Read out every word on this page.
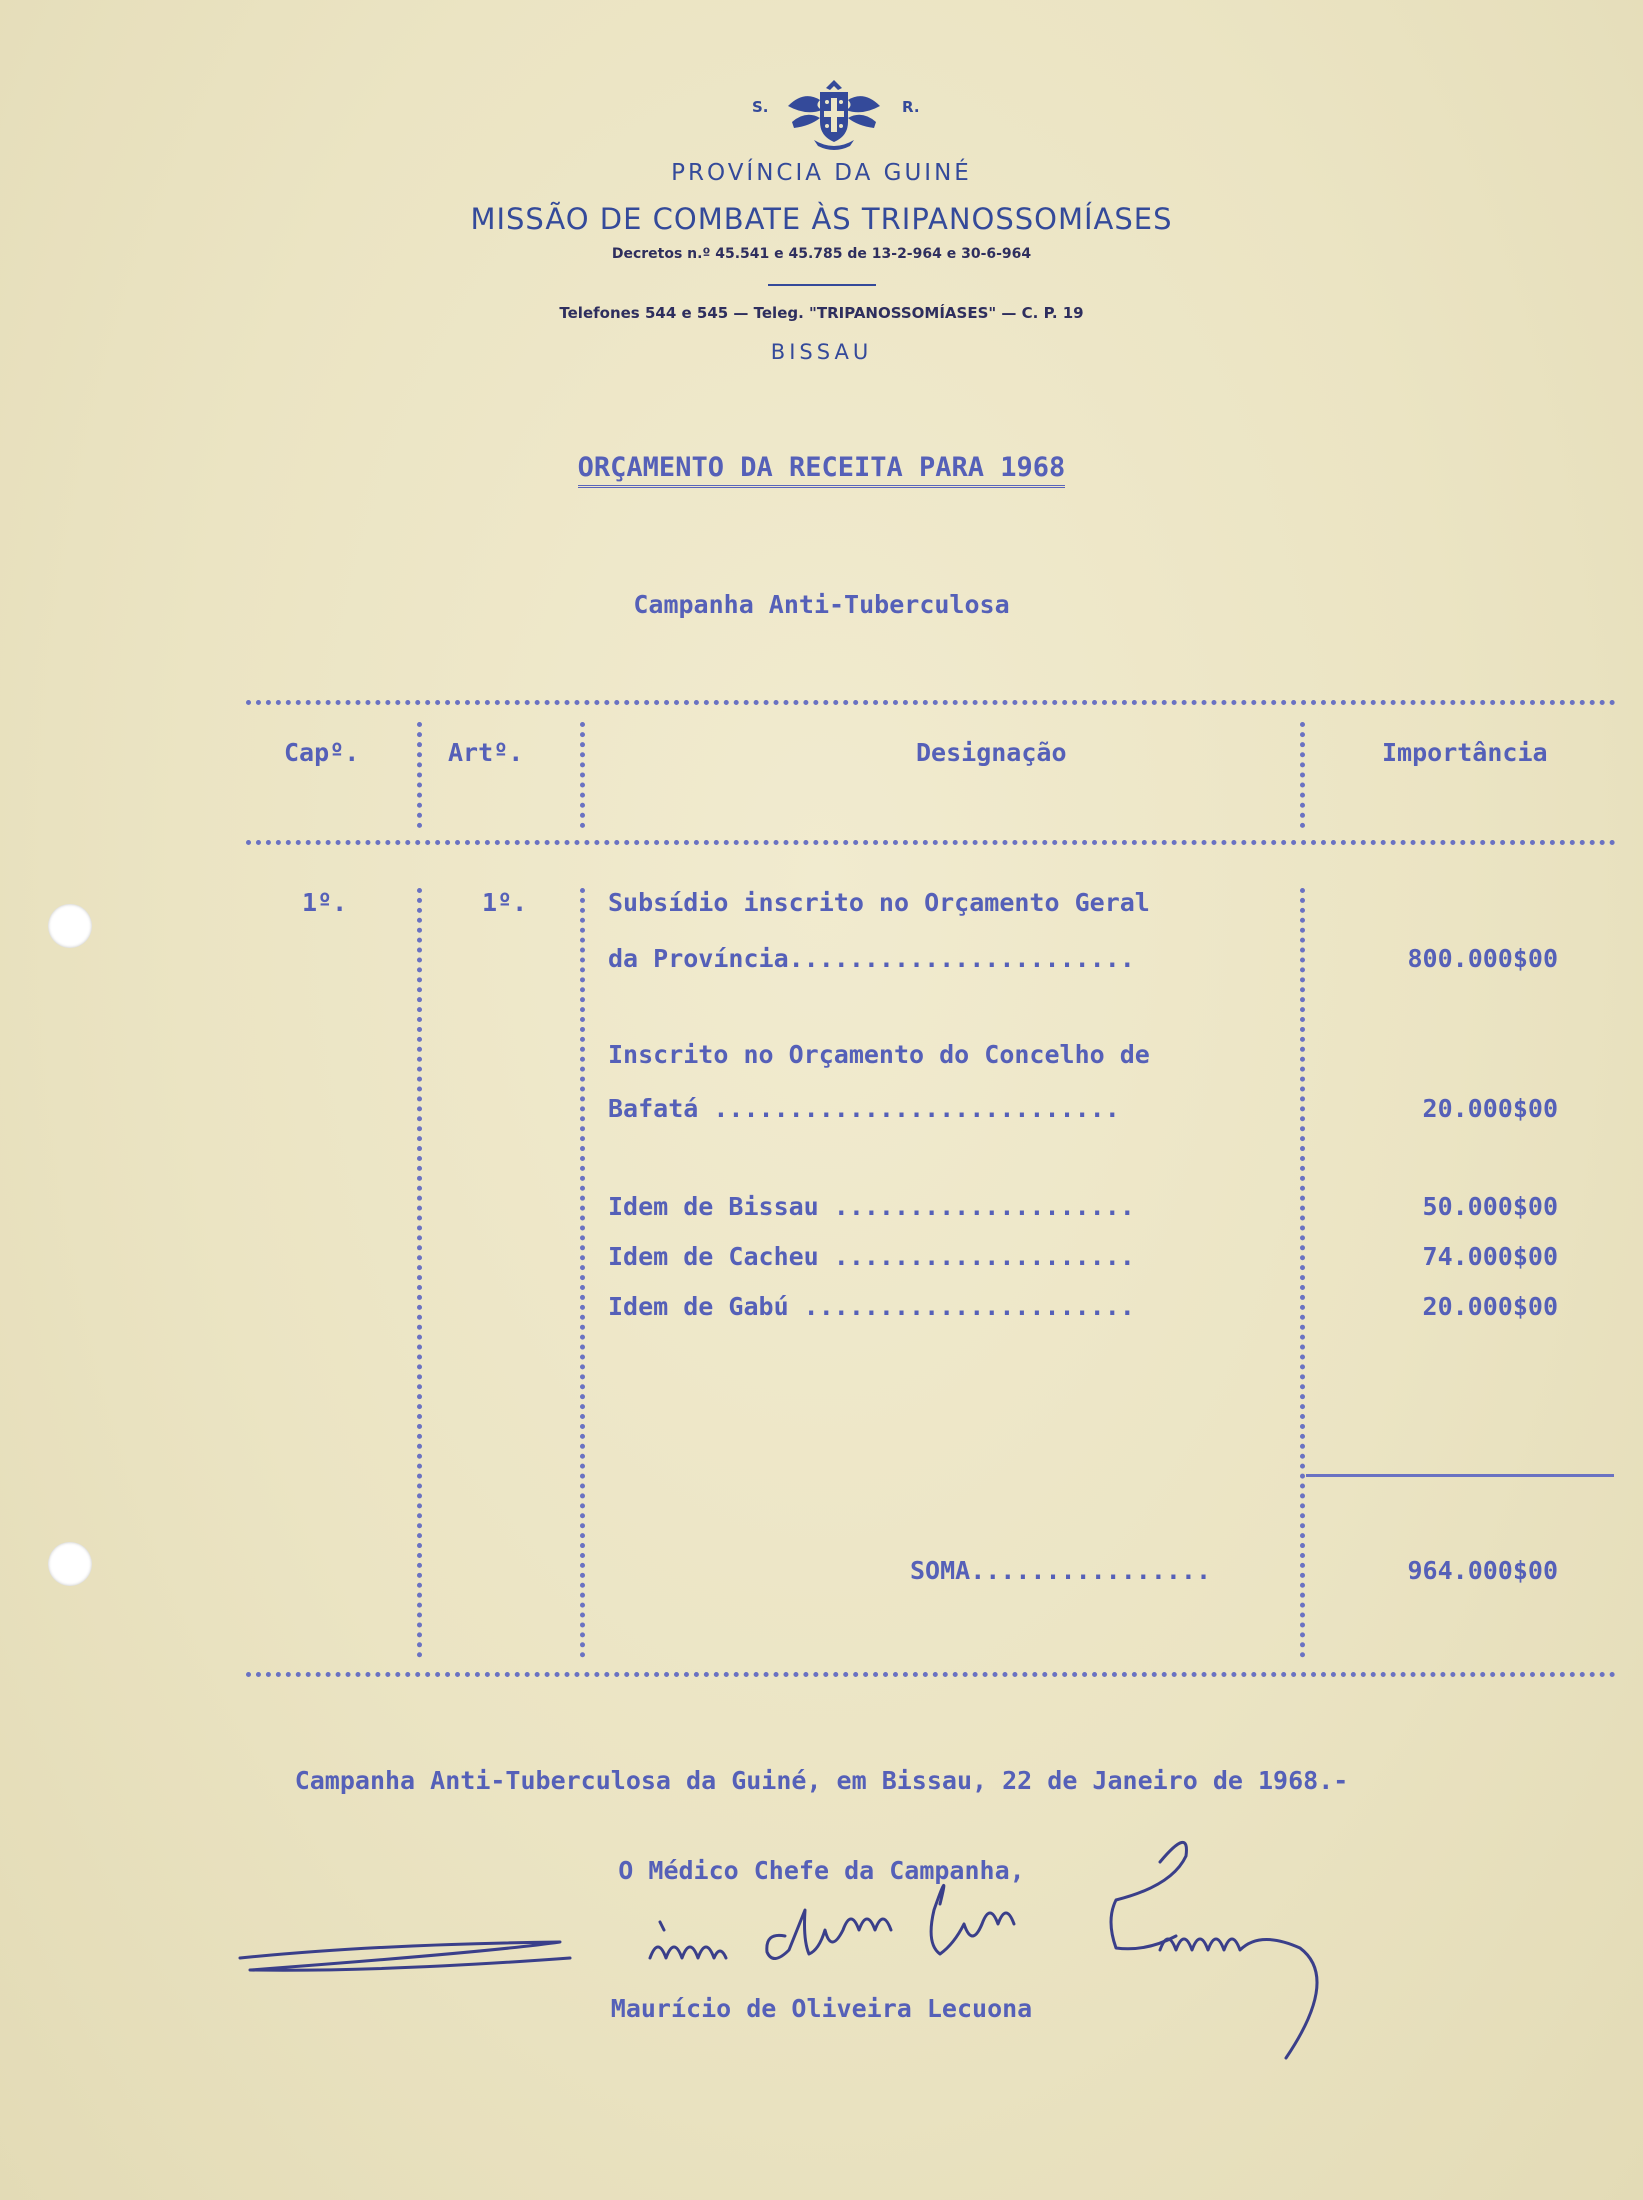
S.	R.
PROVÍNCIA DA GUINÉ
MISSÃO DE COMBATE ÀS TRIPANOSSOMÍASES
Decretos n.º 45.541 e 45.785 de 13-2-964 e 30-6-964
Telefones 544 e 545 — Teleg. "TRIPANOSSOMÍASES" — C. P. 19
BISSAU
ORÇAMENTO DA RECEITA PARA 1968
Campanha Anti-Tuberculosa
Capº.	Artº.	Designação	Importância
1º.	1º.	Subsídio inscrito no Orçamento Geral
da Província.......................	800.000$00
Inscrito no Orçamento do Concelho de
Bafatá ...........................	20.000$00
Idem de Bissau ....................	50.000$00
Idem de Cacheu ....................	74.000$00
Idem de Gabú ......................	20.000$00
SOMA................	964.000$00
Campanha Anti-Tuberculosa da Guiné, em Bissau, 22 de Janeiro de 1968.-
O Médico Chefe da Campanha,
Maurício de Oliveira Lecuona
